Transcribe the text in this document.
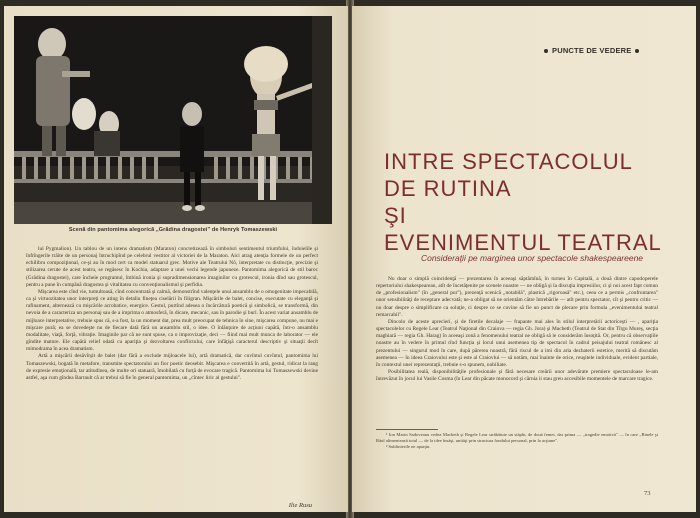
Scenă din pantomima alegorică „Grădina dragostei" de Henryk Tomaszewski

lui Pygmalion). Un tablou de un intens dramatism (Maraton) concretizează în simboluri sentimentul triumfului, îndoielile şi înfrîngerile trăite de un personaj întruchipînd pe celebrul vestitor al victoriei de la Maraton. Aici atrag atenţia formele de un perfect echilibru compoziţional, ce-şi au în mod cert ca model statuarul grec. Motive ale Teatrului Nô, interpretate cu distincţie, precizie şi stilizarea cerute de acest teatru, se regăsesc în Kochia, adaptare a unei vechi legende japoneze. Pantomima alegorică de stil baroc (Grădina dragostei), care încheie programul, îmbină ironia şi supradimensionarea imaginilor cu grotescul, ironia dînd sau grotescul, pentru a pune în cumpănă dragostea şi vitalitatea cu convenţionalismul şi perfidia.

Mişcarea este cînd vie, tumultoasă, cînd concentrată şi calmă, demonstrînd valenţele unui ansamblu de o omogenitate impecabilă, ca şi virtuozitatea unor interpreţi ce ating în detaliu fineţea ciselării în filigran. Mişcările de balet, concise, executate cu eleganţă şi rafinament, alternează cu mişcările acrobatice, energice. Gestul, purtînd adesea o încărcătură poetică şi simbolică, se transformă, din nevoia de a caracteriza un personaj sau de a imprima o atmosferă, în dicare, mecanic, sau în parodie şi burl. În acest variat ansamblu de mijloace interpretative, trebuie spus că, s-a fost, la un moment dat, prea mult preocupat de tehnica în sine, mişcarea compune, nu mai e mişcare pură; ea se dovedeşte nu de fiecare dată fără un ansamblu stil, o idee. O înlănţuire de acţiuni capătă, într-o ansamblu modalitate, viaţă, forţă, vibraţie. Imaginile par că ne sunt spuse, ca o improvizaţie, deci — fiind mai mult munca de laborator — ele gîndite mature. Ele capătă relief odată cu apariţia şi dezvoltarea conflictului, care înfăţişă caracterul descriptiv şi situaţii decît mimodrama în acea dramatism.

Artă a mişcării desăvîrşit de balet (dar fără a exclude mijloacele lui), artă dramatică, dar cuvîntul cuvîntul, pantomima lui Tomaszewski, bogată în metafore, transmite spectatorului un fior poetic deosebit. Mişcarea e convertită în artă, gestul, ridicat la rang de expresie emoţională, tar atitudinea, de multe ori statuară, îmobilată cu forţă de evocare tragică. Pantomima lui Tomaszewski devine astfel, aşa cum gîndea Barrault că ar trebui să fie în general pantomima, un „cîntec liric al gestului".

Ilie Rusu
PUNCTE DE VEDERE
INTRE SPECTACOLUL
DE RUTINA
ŞI
EVENIMENTUL TEATRAL
Consideraţii pe marginea unor spectacole shakespeareene

Nu doar o simplă coincidenţă — prezentarea în aceeaşi săptămînă, în turneu în Capitală, a două dintre capodoperele repertoriului shakespearean, atît de încetăţenite pe scenele noastre — ne obligă şi la discuţia impresiilor, ci şi noi acest fapt comun de „profesionalism" (în „general pur"), prezenţă scenică „notabilă", plastică „rigoroasă" etc.), ceea ce a permis „confruntarea" unor sensibilităţi de receptare adecvată; ne-a obligat să ne orientăm către întrebările — atît pentru spectator, cît şi pentru critic — nu doar despre o simplificare ca soluţie, ci despre ce se cuvine să fie un punct de plecare prin formula „evenimentului teatral remarcabil".

Dincolo de aceste aprecieri, şi de firetile decalaje — frapante mai ales în stilul interpretării actoriceşti — , apariţia spectacolelor cu Regele Lear (Teatrul Naţional din Craiova — regia Gh. Jora) şi Macbeth (Teatrul de Stat din Tîrgu Mureş, secţia maghiară — regia Gh. Harag) în aceeaşi zonă a fenomenului teatral ne obligă să le considerăm însoţită. Or, pentru că observaţiile noastre au în vedere în primul rînd funcţia şi locul unui asemenea tip de spectacol în cadrul peisajului teatral românesc al prezentului — singurul mod în care, după părerea noastră, fără riscul de a imi din aria dezbaterii estetice, merită să discutăm asemenea — în ideea Craiovului este şi este al Craiovlui — să notăm, mai înainte de orice, reuşitele individuale, evident partiale, în contextul unei reprezentaţii, trebuie s-o spunem, nobiliate.

Posibilitatea reală, disponibilităţile profesionale şi fără necesare creării unor adevărate premiere spectaculoase le-am întrevăzut în jocul lui Vasile Cosma (în Lear din păcate monocord şi cărnia ii stau greu accesibile momentele de marcare tragice.

¹ Ion Marin Sadoveanu vedea Macbeth şi Regele Lear străbătute un stăpîn, de două femei, dar prima — „tragedie emotivă" — în care „Binele şi Răul alimentează totul — de la idee însăşi, unităţi prin structura fondului personal, prin la acţiune".

² Sublinierile ne aparţin.

73
